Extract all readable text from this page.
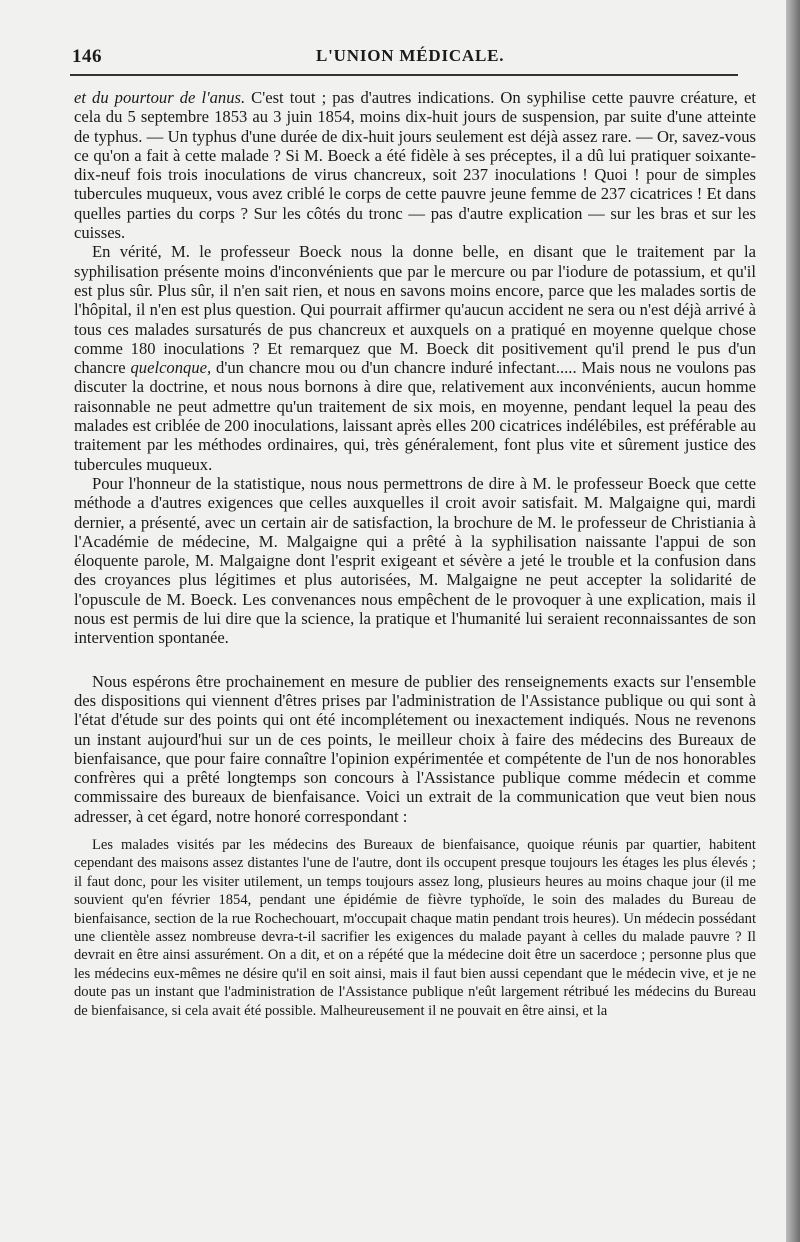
146	L'UNION MÉDICALE.

et du pourtour de l'anus. C'est tout ; pas d'autres indications. On syphilise cette pauvre créature, et cela du 5 septembre 1853 au 3 juin 1854, moins dix-huit jours de suspension, par suite d'une atteinte de typhus. — Un typhus d'une durée de dix-huit jours seulement est déjà assez rare. — Or, savez-vous ce qu'on a fait à cette malade ? Si M. Boeck a été fidèle à ses préceptes, il a dû lui pratiquer soixante-dix-neuf fois trois inoculations de virus chancreux, soit 237 inoculations ! Quoi ! pour de simples tubercules muqueux, vous avez criblé le corps de cette pauvre jeune femme de 237 cicatrices ! Et dans quelles parties du corps ? Sur les côtés du tronc — pas d'autre explication — sur les bras et sur les cuisses.

En vérité, M. le professeur Boeck nous la donne belle, en disant que le traitement par la syphilisation présente moins d'inconvénients que par le mercure ou par l'iodure de potassium, et qu'il est plus sûr. Plus sûr, il n'en sait rien, et nous en savons moins encore, parce que les malades sortis de l'hôpital, il n'en est plus question. Qui pourrait affirmer qu'aucun accident ne sera ou n'est déjà arrivé à tous ces malades sursaturés de pus chancreux et auxquels on a pratiqué en moyenne quelque chose comme 180 inoculations ? Et remarquez que M. Boeck dit positivement qu'il prend le pus d'un chancre quelconque, d'un chancre mou ou d'un chancre induré infectant..... Mais nous ne voulons pas discuter la doctrine, et nous nous bornons à dire que, relativement aux inconvénients, aucun homme raisonnable ne peut admettre qu'un traitement de six mois, en moyenne, pendant lequel la peau des malades est criblée de 200 inoculations, laissant après elles 200 cicatrices indélébiles, est préférable au traitement par les méthodes ordinaires, qui, très généralement, font plus vite et sûrement justice des tubercules muqueux.

Pour l'honneur de la statistique, nous nous permettrons de dire à M. le professeur Boeck que cette méthode a d'autres exigences que celles auxquelles il croit avoir satisfait. M. Malgaigne qui, mardi dernier, a présenté, avec un certain air de satisfaction, la brochure de M. le professeur de Christiania à l'Académie de médecine, M. Malgaigne qui a prêté à la syphilisation naissante l'appui de son éloquente parole, M. Malgaigne dont l'esprit exigeant et sévère a jeté le trouble et la confusion dans des croyances plus légitimes et plus autorisées, M. Malgaigne ne peut accepter la solidarité de l'opuscule de M. Boeck. Les convenances nous empêchent de le provoquer à une explication, mais il nous est permis de lui dire que la science, la pratique et l'humanité lui seraient reconnaissantes de son intervention spontanée.

Nous espérons être prochainement en mesure de publier des renseignements exacts sur l'ensemble des dispositions qui viennent d'êtres prises par l'administration de l'Assistance publique ou qui sont à l'état d'étude sur des points qui ont été incomplétement ou inexactement indiqués. Nous ne revenons un instant aujourd'hui sur un de ces points, le meilleur choix à faire des médecins des Bureaux de bienfaisance, que pour faire connaître l'opinion expérimentée et compétente de l'un de nos honorables confrères qui a prêté longtemps son concours à l'Assistance publique comme médecin et comme commissaire des bureaux de bienfaisance. Voici un extrait de la communication que veut bien nous adresser, à cet égard, notre honoré correspondant :

Les malades visités par les médecins des Bureaux de bienfaisance, quoique réunis par quartier, habitent cependant des maisons assez distantes l'une de l'autre, dont ils occupent presque toujours les étages les plus élevés ; il faut donc, pour les visiter utilement, un temps toujours assez long, plusieurs heures au moins chaque jour (il me souvient qu'en février 1854, pendant une épidémie de fièvre typhoïde, le soin des malades du Bureau de bienfaisance, section de la rue Rochechouart, m'occupait chaque matin pendant trois heures). Un médecin possédant une clientèle assez nombreuse devra-t-il sacrifier les exigences du malade payant à celles du malade pauvre ? Il devrait en être ainsi assurément. On a dit, et on a répété que la médecine doit être un sacerdoce ; personne plus que les médecins eux-mêmes ne désire qu'il en soit ainsi, mais il faut bien aussi cependant que le médecin vive, et je ne doute pas un instant que l'administration de l'Assistance publique n'eût largement rétribué les médecins du Bureau de bienfaisance, si cela avait été possible. Malheureusement il ne pouvait en être ainsi, et la
